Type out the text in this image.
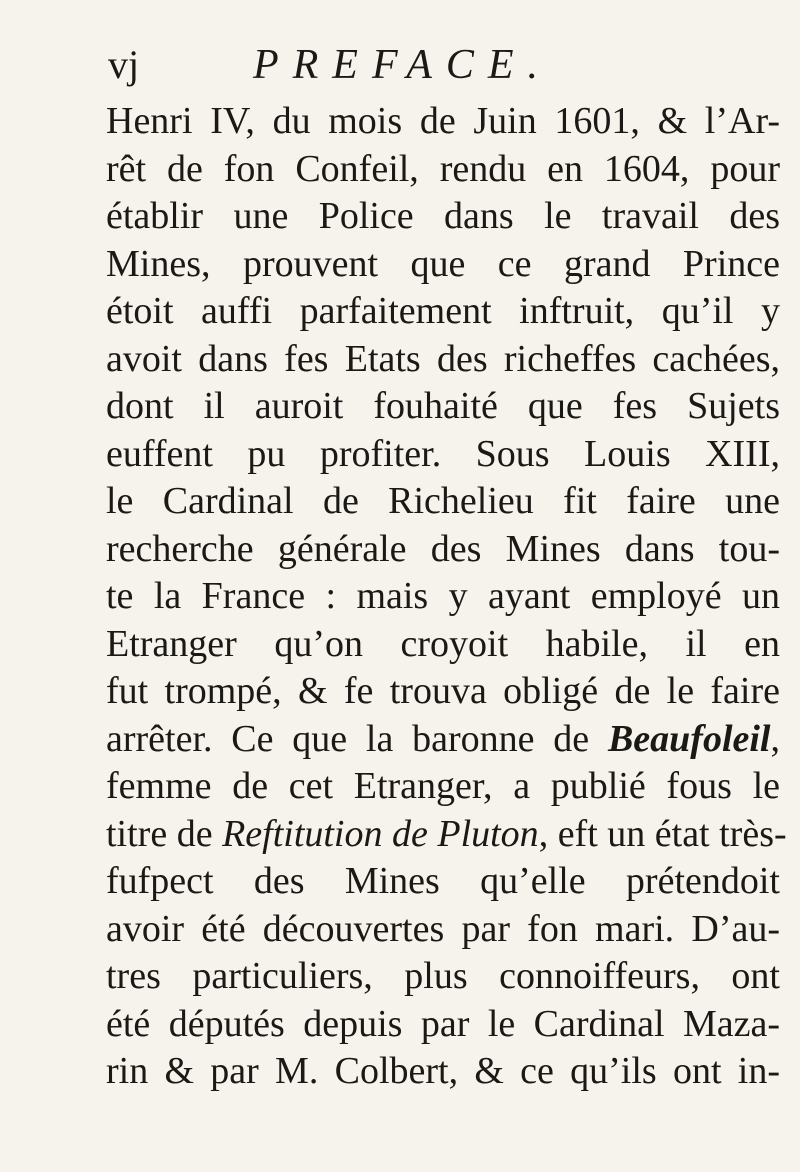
vj	PREFACE.
Henri IV, du mois de Juin 1601, & l’Ar-
rêt de fon Confeil, rendu en 1604, pour
établir une Police dans le travail des
Mines, prouvent que ce grand Prince
étoit auffi parfaitement inftruit, qu’il y
avoit dans fes Etats des richeffes cachées,
dont il auroit fouhaité que fes Sujets
euffent pu profiter. Sous Louis XIII,
le Cardinal de Richelieu fit faire une
recherche générale des Mines dans tou-
te la France : mais y ayant employé un
Etranger qu’on croyoit habile, il en
fut trompé, & fe trouva obligé de le faire
arrêter. Ce que la baronne de Beaufoleil,
femme de cet Etranger, a publié fous le
titre de Reftitution de Pluton, eft un état très-
fufpect des Mines qu’elle prétendoit
avoir été découvertes par fon mari. D’au-
tres particuliers, plus connoiffeurs, ont
été députés depuis par le Cardinal Maza-
rin & par M. Colbert, & ce qu’ils ont in-
